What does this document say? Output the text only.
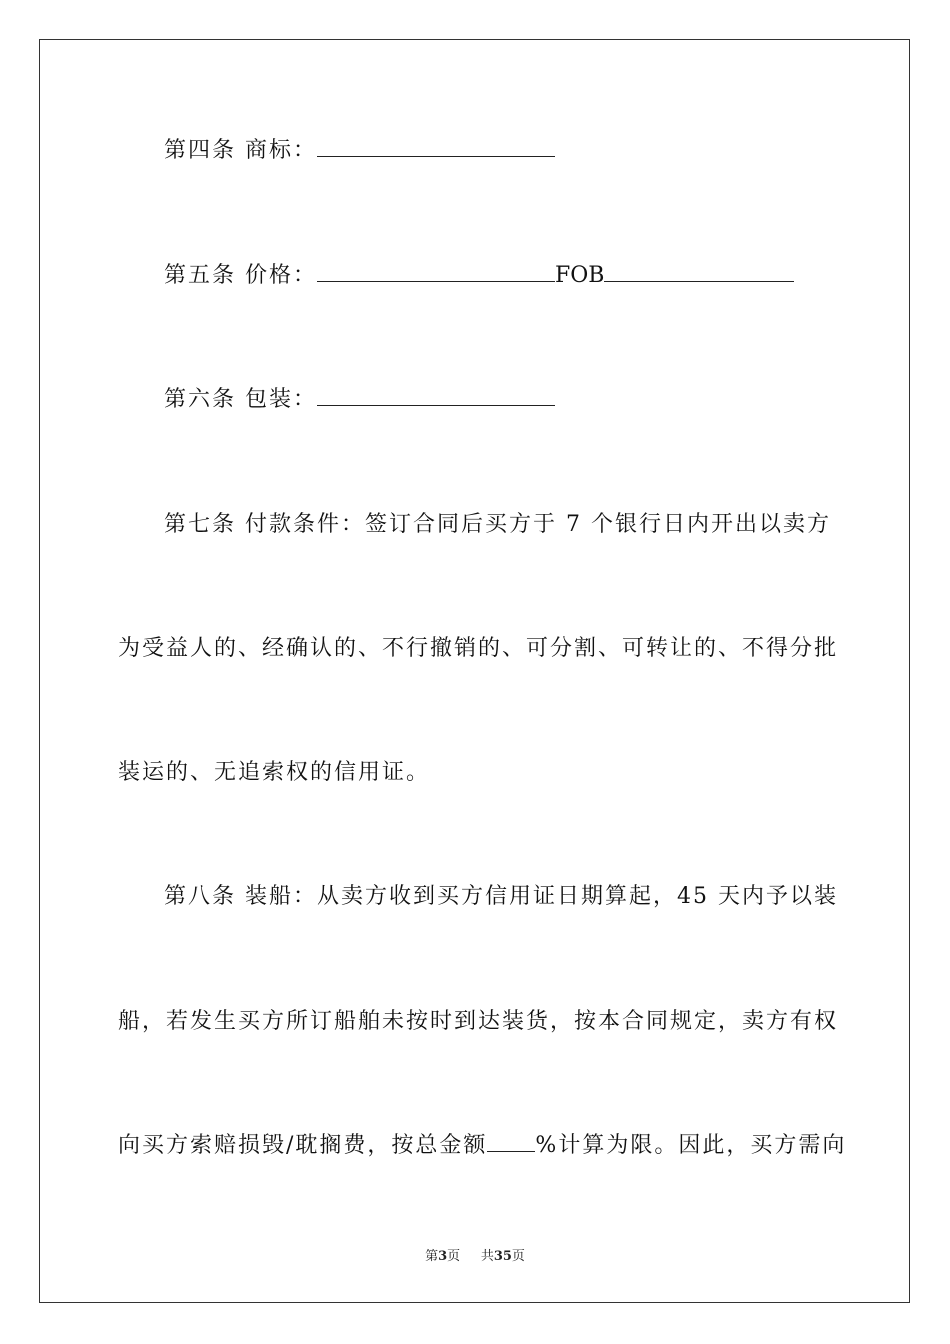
第四条 商标：
第五条 价格：	FOB
第六条 包装：
第七条 付款条件：签订合同后买方于 7 个银行日内开出以卖方
为受益人的、经确认的、不行撤销的、可分割、可转让的、不得分批
装运的、无追索权的信用证。
第八条 装船：从卖方收到买方信用证日期算起，45 天内予以装
船，若发生买方所订船舶未按时到达装货，按本合同规定，卖方有权
向买方索赔损毁/耽搁费，按总金额 %计算为限。因此，买方需向
第3页 共35页
